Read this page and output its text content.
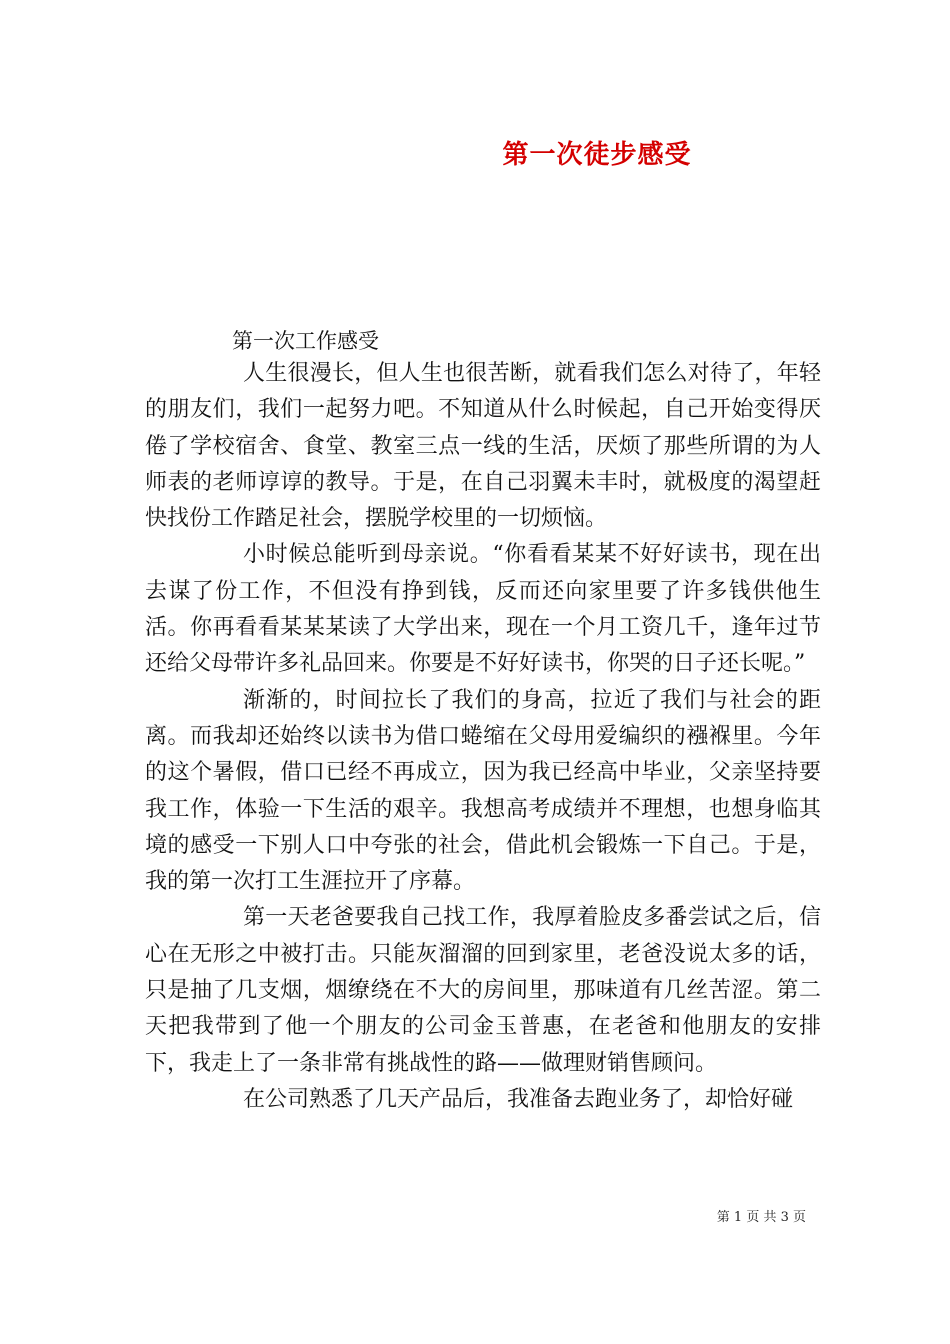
第一次徒步感受
第一次工作感受

人生很漫长，但人生也很苦断，就看我们怎么对待了，年轻的朋友们，我们一起努力吧。不知道从什么时候起，自己开始变得厌倦了学校宿舍、食堂、教室三点一线的生活，厌烦了那些所谓的为人师表的老师谆谆的教导。于是，在自己羽翼未丰时，就极度的渴望赶快找份工作踏足社会，摆脱学校里的一切烦恼。

小时候总能听到母亲说。“你看看某某不好好读书，现在出去谋了份工作，不但没有挣到钱，反而还向家里要了许多钱供他生活。你再看看某某某读了大学出来，现在一个月工资几千，逢年过节还给父母带许多礼品回来。你要是不好好读书，你哭的日子还长呢。”

渐渐的，时间拉长了我们的身高，拉近了我们与社会的距离。而我却还始终以读书为借口蜷缩在父母用爱编织的襁褓里。今年的这个暑假，借口已经不再成立，因为我已经高中毕业，父亲坚持要我工作，体验一下生活的艰辛。我想高考成绩并不理想，也想身临其境的感受一下别人口中夸张的社会，借此机会锻炼一下自己。于是，我的第一次打工生涯拉开了序幕。

第一天老爸要我自己找工作，我厚着脸皮多番尝试之后，信心在无形之中被打击。只能灰溜溜的回到家里，老爸没说太多的话，只是抽了几支烟，烟缭绕在不大的房间里，那味道有几丝苦涩。第二天把我带到了他一个朋友的公司金玉普惠，在老爸和他朋友的安排下，我走上了一条非常有挑战性的路——做理财销售顾问。

在公司熟悉了几天产品后，我准备去跑业务了，却恰好碰

第 1 页 共 3 页
